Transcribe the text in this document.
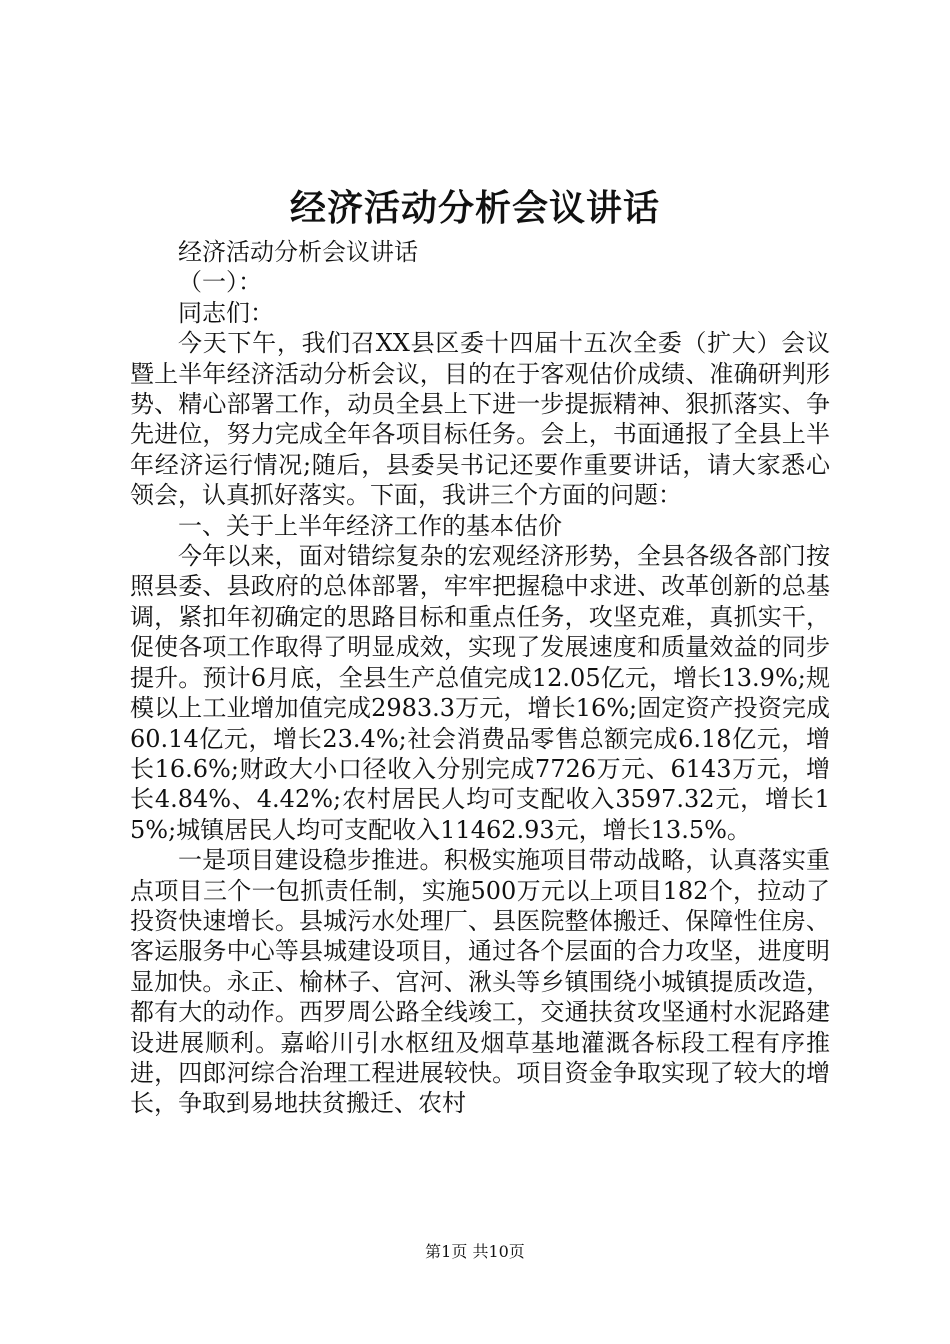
经济活动分析会议讲话

经济活动分析会议讲话

（一）：

同志们：

今天下午，我们召XX县区委十四届十五次全委（扩大）会议暨上半年经济活动分析会议，目的在于客观估价成绩、准确研判形势、精心部署工作，动员全县上下进一步提振精神、狠抓落实、争先进位，努力完成全年各项目标任务。会上，书面通报了全县上半年经济运行情况;随后，县委吴书记还要作重要讲话，请大家悉心领会，认真抓好落实。下面，我讲三个方面的问题：

一、关于上半年经济工作的基本估价

今年以来，面对错综复杂的宏观经济形势，全县各级各部门按照县委、县政府的总体部署，牢牢把握稳中求进、改革创新的总基调，紧扣年初确定的思路目标和重点任务，攻坚克难，真抓实干，促使各项工作取得了明显成效，实现了发展速度和质量效益的同步提升。预计6月底，全县生产总值完成12.05亿元，增长13.9%;规模以上工业增加值完成2983.3万元，增长16%;固定资产投资完成60.14亿元，增长23.4%;社会消费品零售总额完成6.18亿元，增长16.6%;财政大小口径收入分别完成7726万元、6143万元，增长4.84%、4.42%;农村居民人均可支配收入3597.32元，增长15%;城镇居民人均可支配收入11462.93元，增长13.5%。

一是项目建设稳步推进。积极实施项目带动战略，认真落实重点项目三个一包抓责任制，实施500万元以上项目182个，拉动了投资快速增长。县城污水处理厂、县医院整体搬迁、保障性住房、客运服务中心等县城建设项目，通过各个层面的合力攻坚，进度明显加快。永正、榆林子、宫河、湫头等乡镇围绕小城镇提质改造，都有大的动作。西罗周公路全线竣工，交通扶贫攻坚通村水泥路建设进展顺利。嘉峪川引水枢纽及烟草基地灌溉各标段工程有序推进，四郎河综合治理工程进展较快。项目资金争取实现了较大的增长，争取到易地扶贫搬迁、农村

第1页 共10页
